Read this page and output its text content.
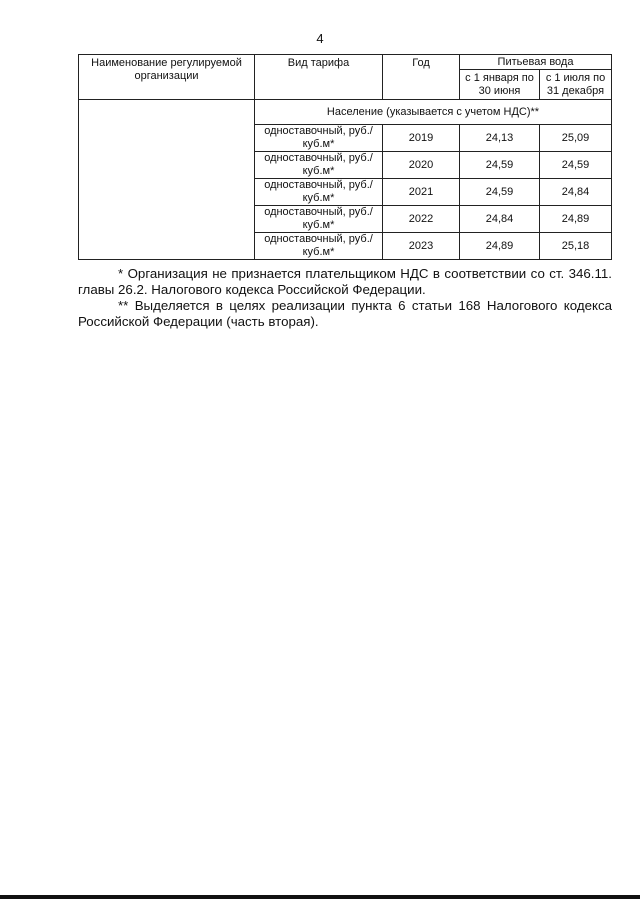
4
Наименование регулируемой организации	Вид тарифа	Год	Питьевая вода	
			с 1 января по 30 июня	с 1 июля по 31 декабря
	Население (указывается с учетом НДС)**			
	одноставочный, руб./куб.м*	2019	24,13	25,09
	одноставочный, руб./куб.м*	2020	24,59	24,59
	одноставочный, руб./куб.м*	2021	24,59	24,84
	одноставочный, руб./куб.м*	2022	24,84	24,89
	одноставочный, руб./куб.м*	2023	24,89	25,18

* Организация не признается плательщиком НДС в соответствии со ст. 346.11. главы 26.2. Налогового кодекса Российской Федерации.

** Выделяется в целях реализации пункта 6 статьи 168 Налогового кодекса Российской Федерации (часть вторая).
